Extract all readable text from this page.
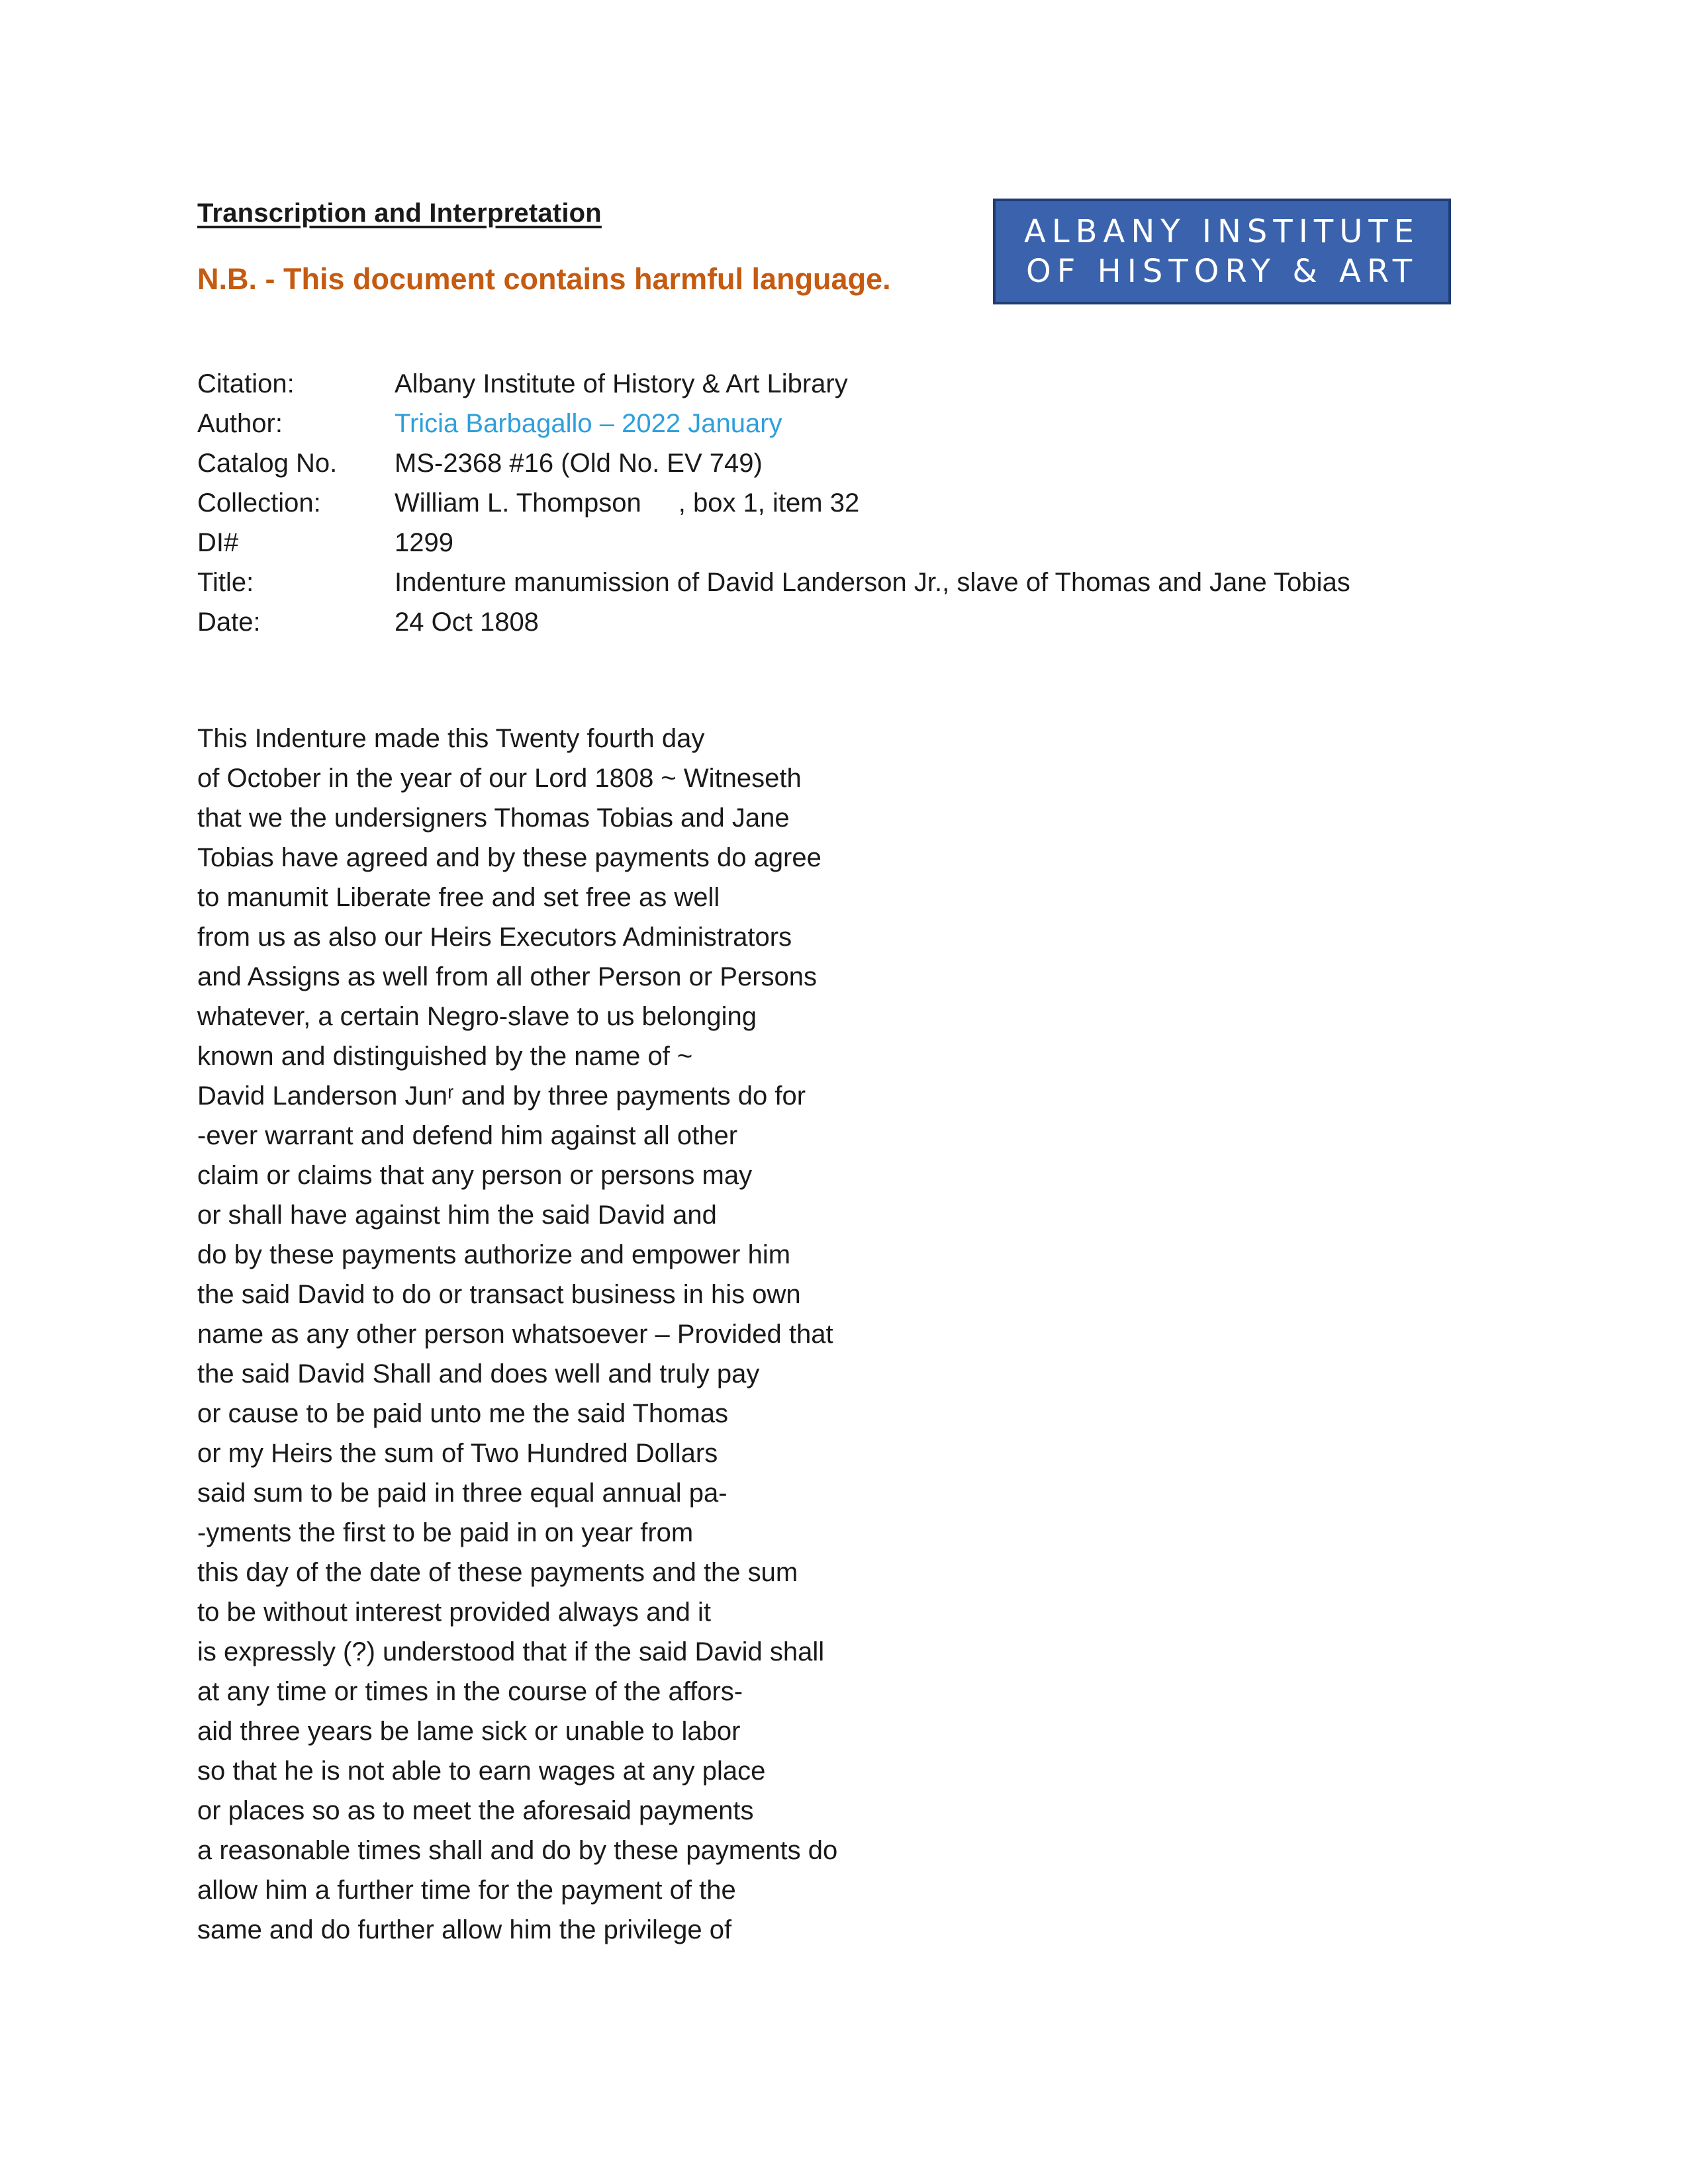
Transcription and Interpretation

N.B. - This document contains harmful language.

ALBANY INSTITUTE
OF HISTORY & ART
Citation:	Albany Institute of History & Art Library
Author:	Tricia Barbagallo – 2022 January
Catalog No.	MS-2368 #16 (Old No. EV 749)
Collection:	William L. Thompson , box 1, item 32
DI#	1299
Title:	Indenture manumission of David Landerson Jr., slave of Thomas and Jane Tobias
Date:	24 Oct 1808
This Indenture made this Twenty fourth day
of October in the year of our Lord 1808 ~ Witneseth
that we the undersigners Thomas Tobias and Jane
Tobias have agreed and by these payments do agree
to manumit Liberate free and set free as well
from us as also our Heirs Executors Administrators
and Assigns as well from all other Person or Persons
whatever, a certain Negro-slave to us belonging
known and distinguished by the name of ~
David Landerson Junʳ and by three payments do for
-ever warrant and defend him against all other
claim or claims that any person or persons may
or shall have against him the said David and
do by these payments authorize and empower him
the said David to do or transact business in his own
name as any other person whatsoever – Provided that
the said David Shall and does well and truly pay
or cause to be paid unto me the said Thomas
or my Heirs the sum of Two Hundred Dollars
said sum to be paid in three equal annual pa-
-yments the first to be paid in on year from
this day of the date of these payments and the sum
to be without interest provided always and it
is expressly (?) understood that if the said David shall
at any time or times in the course of the affors-
aid three years be lame sick or unable to labor
so that he is not able to earn wages at any place
or places so as to meet the aforesaid payments
a reasonable times shall and do by these payments do
allow him a further time for the payment of the
same and do further allow him the privilege of
